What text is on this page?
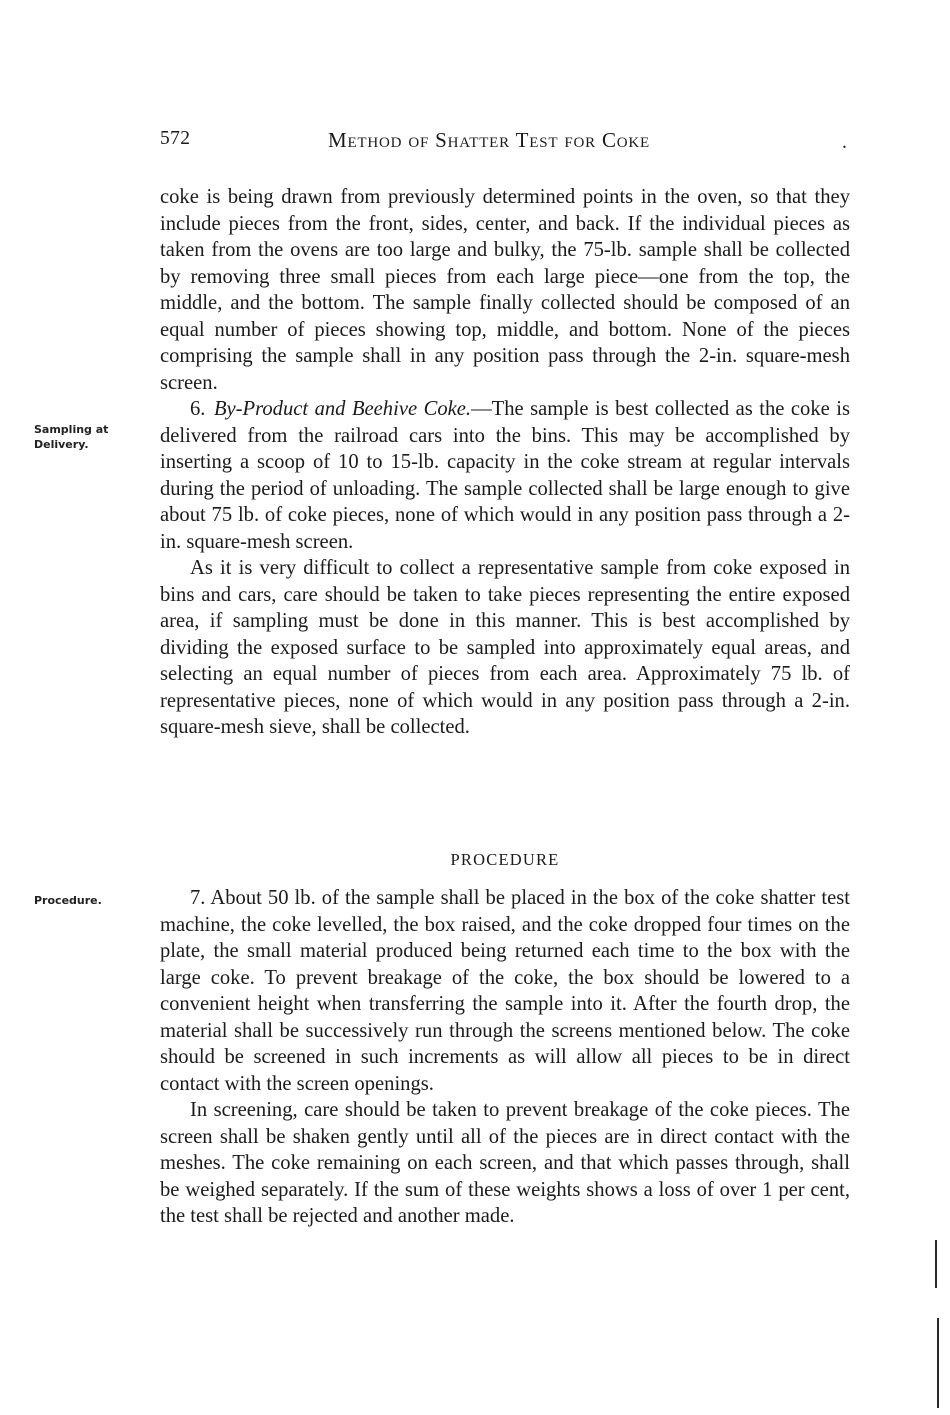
572	Method of Shatter Test for Coke	.

coke is being drawn from previously determined points in the oven, so that they include pieces from the front, sides, center, and back. If the individual pieces as taken from the ovens are too large and bulky, the 75-lb. sample shall be collected by removing three small pieces from each large piece—one from the top, the middle, and the bottom. The sample finally collected should be composed of an equal number of pieces showing top, middle, and bottom. None of the pieces comprising the sample shall in any position pass through the 2-in. square-mesh screen.

6. By-Product and Beehive Coke.—The sample is best collected as the coke is delivered from the railroad cars into the bins. This may be accomplished by inserting a scoop of 10 to 15-lb. capacity in the coke stream at regular intervals during the period of unloading. The sample collected shall be large enough to give about 75 lb. of coke pieces, none of which would in any position pass through a 2-in. square-mesh screen.

As it is very difficult to collect a representative sample from coke exposed in bins and cars, care should be taken to take pieces representing the entire exposed area, if sampling must be done in this manner. This is best accomplished by dividing the exposed surface to be sampled into approximately equal areas, and selecting an equal number of pieces from each area. Approximately 75 lb. of representative pieces, none of which would in any position pass through a 2-in. square-mesh sieve, shall be collected.

Sampling at
Delivery.
PROCEDURE
Procedure.	7. About 50 lb. of the sample shall be placed in the box of the coke shatter test machine, the coke levelled, the box raised, and the coke dropped four times on the plate, the small material produced being returned each time to the box with the large coke. To prevent breakage of the coke, the box should be lowered to a convenient height when transferring the sample into it. After the fourth drop, the material shall be successively run through the screens mentioned below. The coke should be screened in such increments as will allow all pieces to be in direct contact with the screen openings.

In screening, care should be taken to prevent breakage of the coke pieces. The screen shall be shaken gently until all of the pieces are in direct contact with the meshes. The coke remaining on each screen, and that which passes through, shall be weighed separately. If the sum of these weights shows a loss of over 1 per cent, the test shall be rejected and another made.
